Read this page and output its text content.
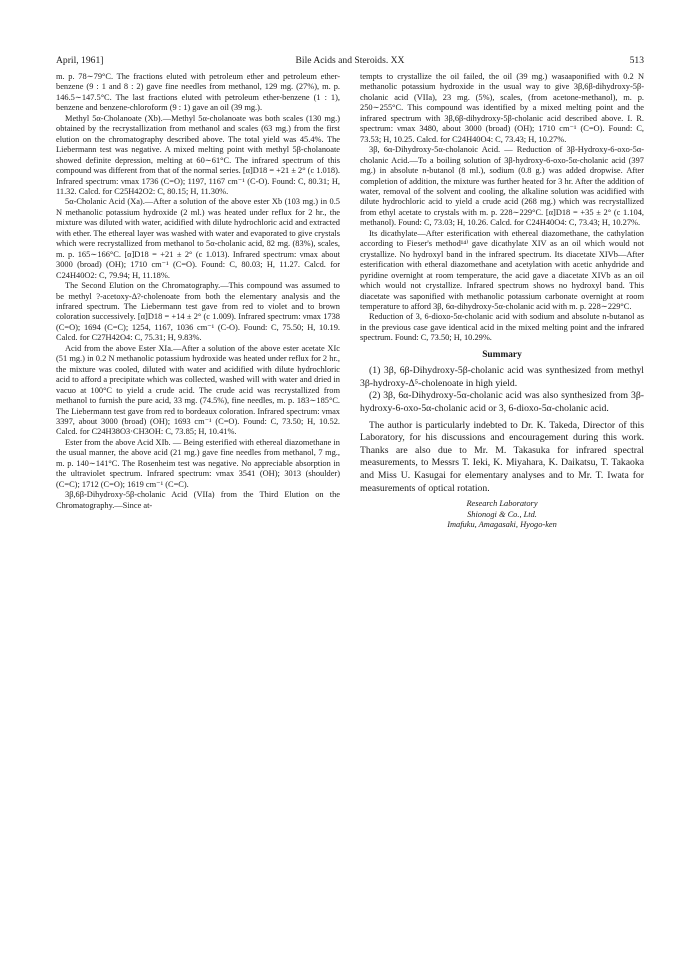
April, 1961]	Bile Acids and Steroids. XX	513

m. p. 78∼79°C. The fractions eluted with petroleum ether and petroleum ether-benzene (9 : 1 and 8 : 2) gave fine needles from methanol, 129 mg. (27%), m. p. 146.5∼147.5°C. The last fractions eluted with petroleum ether-benzene (1 : 1), benzene and benzene-chloroform (9 : 1) gave an oil (39 mg.).

Methyl 5α-Cholanoate (Xb).—Methyl 5α-cholanoate was both scales (130 mg.) obtained by the recrystallization from methanol and scales (63 mg.) from the first elution on the chromatography described above. The total yield was 45.4%. The Liebermann test was negative. A mixed melting point with methyl 5β-cholanoate showed definite depression, melting at 60∼61°C. The infrared spectrum of this compound was different from that of the normal series. [α]D18 = +21 ± 2° (c 1.018). Infrared spectrum: νmax 1736 (C=O); 1197, 1167 cm⁻¹ (C-O). Found: C, 80.31; H, 11.32. Calcd. for C25H42O2: C, 80.15; H, 11.30%.

5α-Cholanic Acid (Xa).—After a solution of the above ester Xb (103 mg.) in 0.5 N methanolic potassium hydroxide (2 ml.) was heated under reflux for 2 hr., the mixture was diluted with water, acidified with dilute hydrochloric acid and extracted with ether. The ethereal layer was washed with water and evaporated to give crystals which were recrystallized from methanol to 5α-cholanic acid, 82 mg. (83%), scales, m. p. 165∼166°C. [α]D18 = +21 ± 2° (c 1.013). Infrared spectrum: νmax about 3000 (broad) (OH); 1710 cm⁻¹ (C=O). Found: C, 80.03; H, 11.27. Calcd. for C24H40O2: C, 79.94; H, 11.18%.

The Second Elution on the Chromatography.—This compound was assumed to be methyl ?-acetoxy-Δ?-cholenoate from both the elementary analysis and the infrared spectrum. The Liebermann test gave from red to violet and to brown coloration successively. [α]D18 = +14 ± 2° (c 1.009). Infrared spectrum: νmax 1738 (C=O); 1694 (C=C); 1254, 1167, 1036 cm⁻¹ (C-O). Found: C, 75.50; H, 10.19. Calcd. for C27H42O4: C, 75.31; H, 9.83%.

Acid from the above Ester XIa.—After a solution of the above ester acetate XIc (51 mg.) in 0.2 N methanolic potassium hydroxide was heated under reflux for 2 hr., the mixture was cooled, diluted with water and acidified with dilute hydrochloric acid to afford a precipitate which was collected, washed will with water and dried in vacuo at 100°C to yield a crude acid. The crude acid was recrystallized from methanol to furnish the pure acid, 33 mg. (74.5%), fine needles, m. p. 183∼185°C. The Liebermann test gave from red to bordeaux coloration. Infrared spectrum: νmax 3397, about 3000 (broad) (OH); 1693 cm⁻¹ (C=O). Found: C, 73.50; H, 10.52. Calcd. for C24H38O3·CH3OH: C, 73.85; H, 10.41%.

Ester from the above Acid XIb. — Being esterified with ethereal diazomethane in the usual manner, the above acid (21 mg.) gave fine needles from methanol, 7 mg., m. p. 140∼141°C. The Rosenheim test was negative. No appreciable absorption in the ultraviolet spectrum. Infrared spectrum: νmax 3541 (OH); 3013 (shoulder) (C=C); 1712 (C=O); 1619 cm⁻¹ (C=C).

3β,6β-Dihydroxy-5β-cholanic Acid (VIIa) from the Third Elution on the Chromatography.—Since at-

tempts to crystallize the oil failed, the oil (39 mg.) wasaaponified with 0.2 N methanolic potassium hydroxide in the usual way to give 3β,6β-dihydroxy-5β-cholanic acid (VIIa), 23 mg. (5%), scales, (from acetone-methanol), m. p. 250∼255°C. This compound was identified by a mixed melting point and the infrared spectrum with 3β,6β-dihydroxy-5β-cholanic acid described above. I. R. spectrum: νmax 3480, about 3000 (broad) (OH); 1710 cm⁻¹ (C=O). Found: C, 73.53; H, 10.25. Calcd. for C24H40O4: C, 73.43; H, 10.27%.

3β, 6α-Dihydroxy-5α-cholanoic Acid. — Reduction of 3β-Hydroxy-6-oxo-5α-cholanic Acid.—To a boiling solution of 3β-hydroxy-6-oxo-5α-cholanic acid (397 mg.) in absolute n-butanol (8 ml.), sodium (0.8 g.) was added dropwise. After completion of addition, the mixture was further heated for 3 hr. After the addition of water, removal of the solvent and cooling, the alkaline solution was acidified with dilute hydrochloric acid to yield a crude acid (268 mg.) which was recrystallized from ethyl acetate to crystals with m. p. 228∼229°C. [α]D18 = +35 ± 2° (c 1.104, methanol). Found: C, 73.03; H, 10.26. Calcd. for C24H40O4: C, 73.43; H, 10.27%.

Its dicathylate—After esterification with ethereal diazomethane, the cathylation according to Fieser's method¹⁴⁾ gave dicathylate XIV as an oil which would not crystallize. No hydroxyl band in the infrared spectrum. Its diacetate XIVb—After esterification with etheral diazomethane and acetylation with acetic anhydride and pyridine overnight at room temperature, the acid gave a diacetate XIVb as an oil which would not crystallize. Infrared spectrum shows no hydroxyl band. This diacetate was saponified with methanolic potassium carbonate overnight at room temperature to afford 3β, 6α-dihydroxy-5α-cholanic acid with m. p. 228∼229°C.

Reduction of 3, 6-dioxo-5α-cholanic acid with sodium and absolute n-butanol as in the previous case gave identical acid in the mixed melting point and the infrared spectrum. Found: C, 73.50; H, 10.29%.

Summary

(1) 3β, 6β-Dihydroxy-5β-cholanic acid was synthesized from methyl 3β-hydroxy-Δ⁵-cholenoate in high yield.

(2) 3β, 6α-Dihydroxy-5α-cholanic acid was also synthesized from 3β-hydroxy-6-oxo-5α-cholanic acid or 3, 6-dioxo-5α-cholanic acid.

The author is particularly indebted to Dr. K. Takeda, Director of this Laboratory, for his discussions and encouragement during this work. Thanks are also due to Mr. M. Takasuka for infrared spectral measurements, to Messrs T. Ieki, K. Miyahara, K. Daikatsu, T. Takaoka and Miss U. Kasugai for elementary analyses and to Mr. T. Iwata for measurements of optical rotation.

Research Laboratory

Shionogi & Co., Ltd.

Imafuku, Amagasaki, Hyogo-ken
